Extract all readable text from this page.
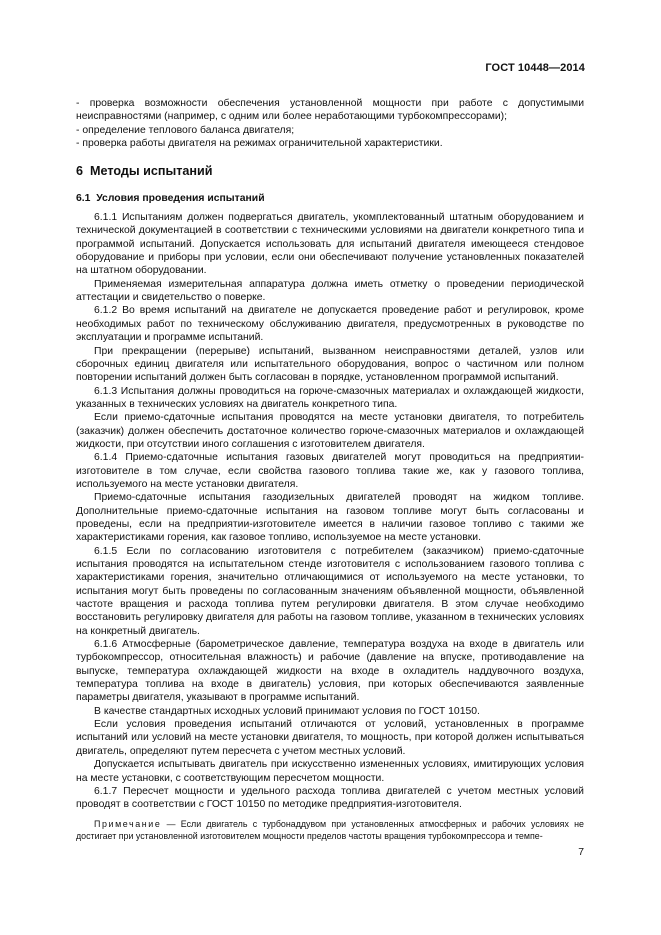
ГОСТ 10448—2014

- проверка возможности обеспечения установленной мощности при работе с допустимыми неисправностями (например, с одним или более неработающими турбокомпрессорами);

- определение теплового баланса двигателя;

- проверка работы двигателя на режимах ограничительной характеристики.

6 Методы испытаний

6.1 Условия проведения испытаний

6.1.1 Испытаниям должен подвергаться двигатель, укомплектованный штатным оборудованием и технической документацией в соответствии с техническими условиями на двигатели конкретного типа и программой испытаний. Допускается использовать для испытаний двигателя имеющееся стендовое оборудование и приборы при условии, если они обеспечивают получение установленных показателей на штатном оборудовании.

Применяемая измерительная аппаратура должна иметь отметку о проведении периодической аттестации и свидетельство о поверке.

6.1.2 Во время испытаний на двигателе не допускается проведение работ и регулировок, кроме необходимых работ по техническому обслуживанию двигателя, предусмотренных в руководстве по эксплуатации и программе испытаний.

При прекращении (перерыве) испытаний, вызванном неисправностями деталей, узлов или сборочных единиц двигателя или испытательного оборудования, вопрос о частичном или полном повторении испытаний должен быть согласован в порядке, установленном программой испытаний.

6.1.3 Испытания должны проводиться на горюче-смазочных материалах и охлаждающей жидкости, указанных в технических условиях на двигатель конкретного типа.

Если приемо-сдаточные испытания проводятся на месте установки двигателя, то потребитель (заказчик) должен обеспечить достаточное количество горюче-смазочных материалов и охлаждающей жидкости, при отсутствии иного соглашения с изготовителем двигателя.

6.1.4 Приемо-сдаточные испытания газовых двигателей могут проводиться на предприятии-изготовителе в том случае, если свойства газового топлива такие же, как у газового топлива, используемого на месте установки двигателя.

Приемо-сдаточные испытания газодизельных двигателей проводят на жидком топливе. Дополнительные приемо-сдаточные испытания на газовом топливе могут быть согласованы и проведены, если на предприятии-изготовителе имеется в наличии газовое топливо с такими же характеристиками горения, как газовое топливо, используемое на месте установки.

6.1.5 Если по согласованию изготовителя с потребителем (заказчиком) приемо-сдаточные испытания проводятся на испытательном стенде изготовителя с использованием газового топлива с характеристиками горения, значительно отличающимися от используемого на месте установки, то испытания могут быть проведены по согласованным значениям объявленной мощности, объявленной частоте вращения и расхода топлива путем регулировки двигателя. В этом случае необходимо восстановить регулировку двигателя для работы на газовом топливе, указанном в технических условиях на конкретный двигатель.

6.1.6 Атмосферные (барометрическое давление, температура воздуха на входе в двигатель или турбокомпрессор, относительная влажность) и рабочие (давление на впуске, противодавление на выпуске, температура охлаждающей жидкости на входе в охладитель наддувочного воздуха, температура топлива на входе в двигатель) условия, при которых обеспечиваются заявленные параметры двигателя, указывают в программе испытаний.

В качестве стандартных исходных условий принимают условия по ГОСТ 10150.

Если условия проведения испытаний отличаются от условий, установленных в программе испытаний или условий на месте установки двигателя, то мощность, при которой должен испытываться двигатель, определяют путем пересчета с учетом местных условий.

Допускается испытывать двигатель при искусственно измененных условиях, имитирующих условия на месте установки, с соответствующим пересчетом мощности.

6.1.7 Пересчет мощности и удельного расхода топлива двигателей с учетом местных условий проводят в соответствии с ГОСТ 10150 по методике предприятия-изготовителя.

Примечание — Если двигатель с турбонаддувом при установленных атмосферных и рабочих условиях не достигает при установленной изготовителем мощности пределов частоты вращения турбокомпрессора и темпе-

7
